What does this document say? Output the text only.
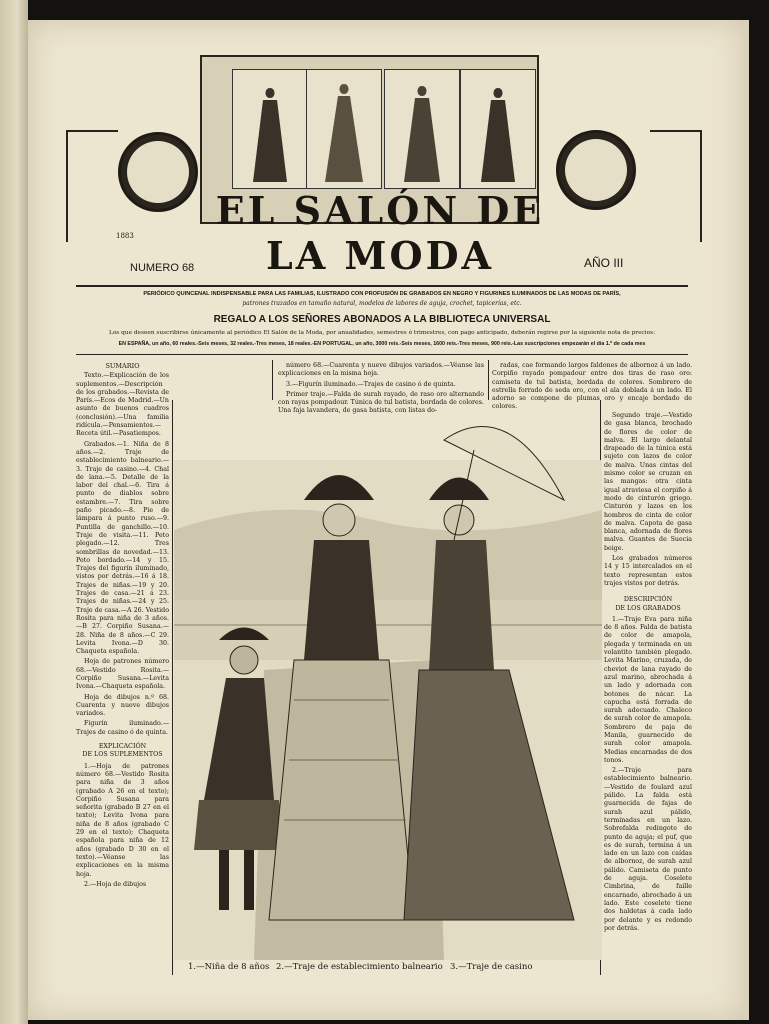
EL SALÓN DE LA MODA
1883
NUMERO 68	AÑO III
PERIÓDICO QUINCENAL INDISPENSABLE PARA LAS FAMILIAS, ILUSTRADO CON PROFUSIÓN DE GRABADOS EN NEGRO Y FIGURINES ILUMINADOS DE LAS MODAS DE PARÍS,
patrones trazados en tamaño natural, modelos de labores de aguja, crochet, tapicerías, etc.
REGALO A LOS SEÑORES ABONADOS A LA BIBLIOTECA UNIVERSAL
Los que deseen suscribirse únicamente al periódico El Salón de la Moda, por anualidades, semestres ó trimestres, con pago anticipado, deberán regirse por la siguiente nota de precios:
EN ESPAÑA, un año, 60 reales.-Seis meses, 32 reales.-Tres meses, 18 reales.-EN PORTUGAL, un año, 3000 reis.-Seis meses, 1600 reis.-Tres meses, 900 reis.-Las suscripciones empezarán el día 1.º de cada mes
SUMARIO

Texto.—Explicación de los suplementos.—Descripción de los grabados.—Revista de París.—Ecos de Madrid.—Un asunto de buenos cuadros (conclusión).—Una familia ridícula.—Pensamientos.—Receta útil.—Pasatiempos.

Grabados.—1. Niña de 8 años.—2. Traje de establecimiento balneario.—3. Traje de casino.—4. Chal de lana.—5. Detalle de la labor del chal.—6. Tira á punto de diablos sobre estambre.—7. Tira sobre paño picado.—8. Pie de lámpara á punto ruso.—9. Puntilla de ganchillo.—10. Traje de visita.—11. Peto plegado.—12. Tres sombrillas de novedad.—13. Peto bordado.—14 y 15. Trajes del figurín iluminado, vistos por detrás.—16 á 18. Trajes de niñas.—19 y 20. Trajes de casa.—21 á 23. Trajes de niñas.—24 y 25. Traje de casa.—A 26. Vestido Rosita para niña de 3 años.—B 27. Corpiño Susana.—28. Niña de 8 años.—C 29. Levita Ivona.—D 30. Chaqueta española.

Hoja de patrones número 68.—Vestido Rosita.—Corpiño Susana.—Levita Ivona.—Chaqueta española.

Hoja de dibujos n.º 68. Cuarenta y nueve dibujos variados.

Figurín iluminado.—Trajes de casino ó de quinta.

EXPLICACIÓN
DE LOS SUPLEMENTOS

1.—Hoja de patrones número 68.—Vestido Rosita para niña de 3 años (grabado A 26 en el texto); Corpiño Susana para señorita (grabado B 27 en el texto); Levita Ivona para niña de 8 años (grabado C 29 en el texto); Chaqueta española para niña de 12 años (grabado D 30 en el texto).—Véanse las explicaciones en la misma hoja.

2.—Hoja de dibujos

número 68.—Cuarenta y nueve dibujos variados.—Véanse las explicaciones en la misma hoja.

3.—Figurín iluminado.—Trajes de casino ó de quinta.

Primer traje.—Falda de surah rayado, de raso oro alternando con rayas pompadour. Túnica de tul batista, bordada de colores. Una faja lavandera, de gasa batista, con listas do-

radas, cae formando largos faldones de albornoz á un lado. Corpiño rayado pompadour entre dos tiras de raso oro: camiseta de tul batista, bordada de colores. Sombrero de estrella forrado de seda oro, con el ala doblada á un lado. El adorno se compone de plumas oro y encaje bordado de colores.

Segundo traje.—Vestido de gasa blanca, brochado de flores de color de malva. El largo delantal drapeado de la túnica está sujeto con lazos de color de malva. Unas cintas del mismo color se cruzan en las mangas: otra cinta igual atraviesa el corpiño á modo de cinturón griego. Cinturón y lazos en los hombros de cinta de color de malva. Capota de gasa blanca, adornada de flores malva. Guantes de Suecia beige.

Los grabados números 14 y 15 intercalados en el texto representan estos trajes vistos por detrás.

DESCRIPCIÓN
DE LOS GRABADOS

1.—Traje Eva para niña de 8 años. Falda de batista de color de amapola, plegada y terminada en un volantito también plegado. Levita Marino, cruzada, de cheviot de lana rayado de azul marino, abrochada á un lado y adornada con botones de nácar. La capucha está forrada de surah adecuado. Chaleco de surah color de amapola. Sombrero de paja de Manila, guarnecido de surah color amapola. Medias encarnadas de dos tonos.

2.—Traje para establecimiento balneario.—Vestido de foulard azul pálido. La falda está guarnecida de fajas de surah azul pálido, terminadas en un lazo. Sobrefalda redingote de punto de aguja; el puf, que es de surah, termina á un lado en un lazo con caídas de albornoz, de surah azul pálido. Camiseta de punto de aguja. Coselete Cimbrina, de faille encarnado, abrochado á un lado. Este coselete tiene dos haldetas á cada lado por delante y es redondo por detrás.

1.—Niña de 8 años 2.—Traje de establecimiento balneario 3.—Traje de casino
